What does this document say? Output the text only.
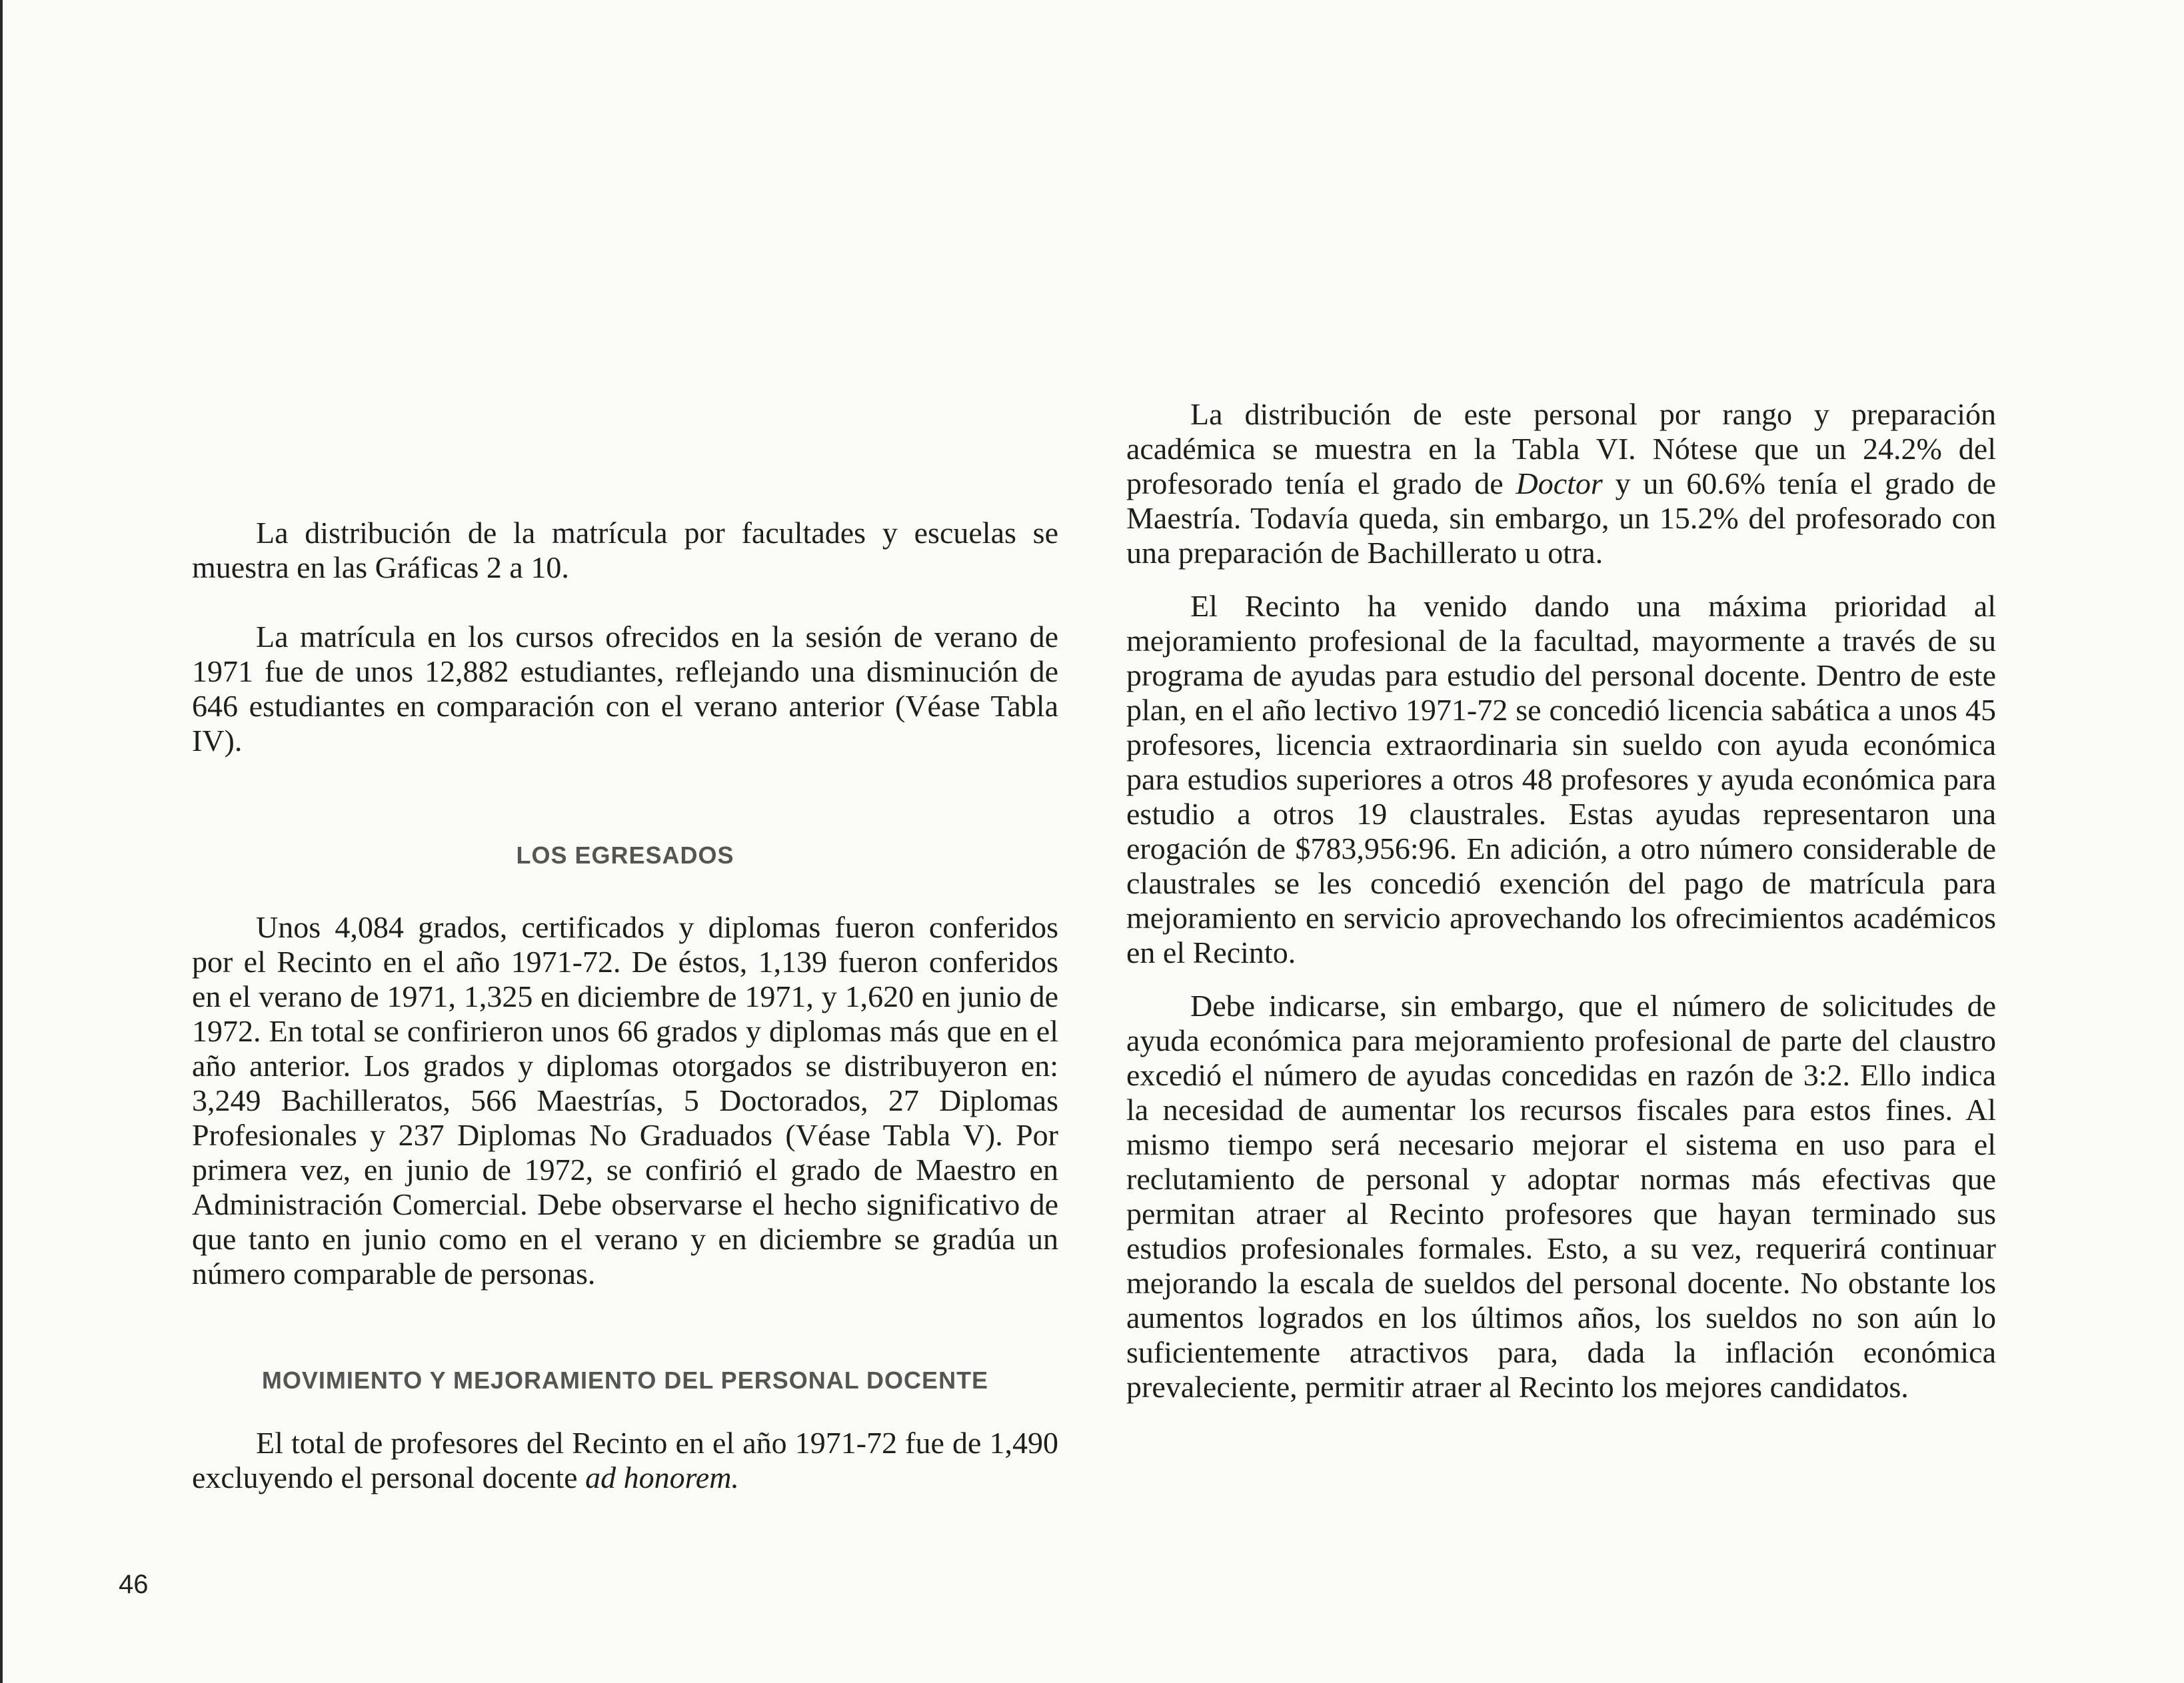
La distribución de la matrícula por facultades y escuelas se muestra en las Gráficas 2 a 10.

La matrícula en los cursos ofrecidos en la sesión de verano de 1971 fue de unos 12,882 estudiantes, reflejando una disminución de 646 estudiantes en comparación con el verano anterior (Véase Tabla IV).

LOS EGRESADOS

Unos 4,084 grados, certificados y diplomas fueron conferidos por el Recinto en el año 1971-72. De éstos, 1,139 fueron conferidos en el verano de 1971, 1,325 en diciembre de 1971, y 1,620 en junio de 1972. En total se confirieron unos 66 grados y diplomas más que en el año anterior. Los grados y diplomas otorgados se distribuyeron en: 3,249 Bachilleratos, 566 Maestrías, 5 Doctorados, 27 Diplomas Profesionales y 237 Diplomas No Graduados (Véase Tabla V). Por primera vez, en junio de 1972, se confirió el grado de Maestro en Administración Comercial. Debe observarse el hecho significativo de que tanto en junio como en el verano y en diciembre se gradúa un número comparable de personas.

MOVIMIENTO Y MEJORAMIENTO DEL PERSONAL DOCENTE

El total de profesores del Recinto en el año 1971-72 fue de 1,490 excluyendo el personal docente ad honorem.

La distribución de este personal por rango y preparación académica se muestra en la Tabla VI. Nótese que un 24.2% del profesorado tenía el grado de Doctor y un 60.6% tenía el grado de Maestría. Todavía queda, sin embargo, un 15.2% del profesorado con una preparación de Bachillerato u otra.

El Recinto ha venido dando una máxima prioridad al mejoramiento profesional de la facultad, mayormente a través de su programa de ayudas para estudio del personal docente. Dentro de este plan, en el año lectivo 1971-72 se concedió licencia sabática a unos 45 profesores, licencia extraordinaria sin sueldo con ayuda económica para estudios superiores a otros 48 profesores y ayuda económica para estudio a otros 19 claustrales. Estas ayudas representaron una erogación de $783,956:96. En adición, a otro número considerable de claustrales se les concedió exención del pago de matrícula para mejoramiento en servicio aprovechando los ofrecimientos académicos en el Recinto.

Debe indicarse, sin embargo, que el número de solicitudes de ayuda económica para mejoramiento profesional de parte del claustro excedió el número de ayudas concedidas en razón de 3:2. Ello indica la necesidad de aumentar los recursos fiscales para estos fines. Al mismo tiempo será necesario mejorar el sistema en uso para el reclutamiento de personal y adoptar normas más efectivas que permitan atraer al Recinto profesores que hayan terminado sus estudios profesionales formales. Esto, a su vez, requerirá continuar mejorando la escala de sueldos del personal docente. No obstante los aumentos logrados en los últimos años, los sueldos no son aún lo suficientemente atractivos para, dada la inflación económica prevaleciente, permitir atraer al Recinto los mejores candidatos.

46
